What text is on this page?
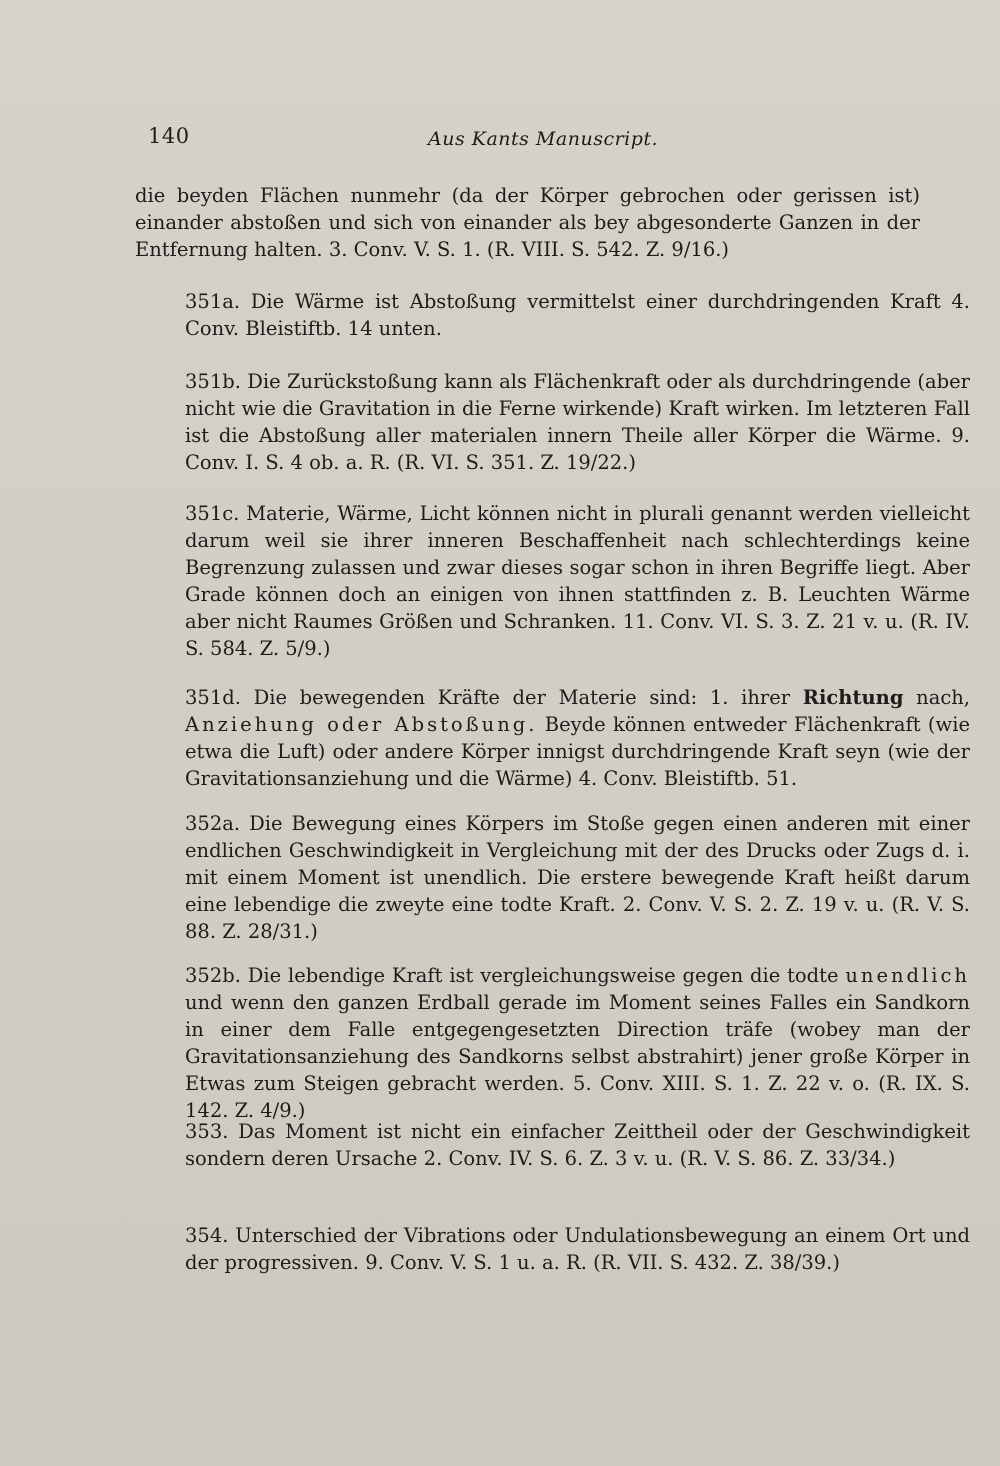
140	Aus Kants Manuscript.

die beyden Flächen nunmehr (da der Körper gebrochen oder gerissen ist) einander abstoßen und sich von einander als bey abgesonderte Ganzen in der Entfernung halten. 3. Conv. V. S. 1. (R. VIII. S. 542. Z. 9/16.)

351a. Die Wärme ist Abstoßung vermittelst einer durchdringenden Kraft 4. Conv. Bleistiftb. 14 unten.

351b. Die Zurückstoßung kann als Flächenkraft oder als durchdringende (aber nicht wie die Gravitation in die Ferne wirkende) Kraft wirken. Im letzteren Fall ist die Abstoßung aller materialen innern Theile aller Körper die Wärme. 9. Conv. I. S. 4 ob. a. R. (R. VI. S. 351. Z. 19/22.)

351c. Materie, Wärme, Licht können nicht in plurali genannt werden vielleicht darum weil sie ihrer inneren Beschaffenheit nach schlechterdings keine Begrenzung zulassen und zwar dieses sogar schon in ihren Begriffe liegt. Aber Grade können doch an einigen von ihnen stattfinden z. B. Leuchten Wärme aber nicht Raumes Größen und Schranken. 11. Conv. VI. S. 3. Z. 21 v. u. (R. IV. S. 584. Z. 5/9.)

351d. Die bewegenden Kräfte der Materie sind: 1. ihrer Richtung nach, Anziehung oder Abstoßung. Beyde können entweder Flächenkraft (wie etwa die Luft) oder andere Körper innigst durchdringende Kraft seyn (wie der Gravitationsanziehung und die Wärme) 4. Conv. Bleistiftb. 51.

352a. Die Bewegung eines Körpers im Stoße gegen einen anderen mit einer endlichen Geschwindigkeit in Vergleichung mit der des Drucks oder Zugs d. i. mit einem Moment ist unendlich. Die erstere bewegende Kraft heißt darum eine lebendige die zweyte eine todte Kraft. 2. Conv. V. S. 2. Z. 19 v. u. (R. V. S. 88. Z. 28/31.)

352b. Die lebendige Kraft ist vergleichungsweise gegen die todte unendlich und wenn den ganzen Erdball gerade im Moment seines Falles ein Sandkorn in einer dem Falle entgegengesetzten Direction träfe (wobey man der Gravitationsanziehung des Sandkorns selbst abstrahirt) jener große Körper in Etwas zum Steigen gebracht werden. 5. Conv. XIII. S. 1. Z. 22 v. o. (R. IX. S. 142. Z. 4/9.)

353. Das Moment ist nicht ein einfacher Zeittheil oder der Geschwindigkeit sondern deren Ursache 2. Conv. IV. S. 6. Z. 3 v. u. (R. V. S. 86. Z. 33/34.)

354. Unterschied der Vibrations oder Undulationsbewegung an einem Ort und der progressiven. 9. Conv. V. S. 1 u. a. R. (R. VII. S. 432. Z. 38/39.)
